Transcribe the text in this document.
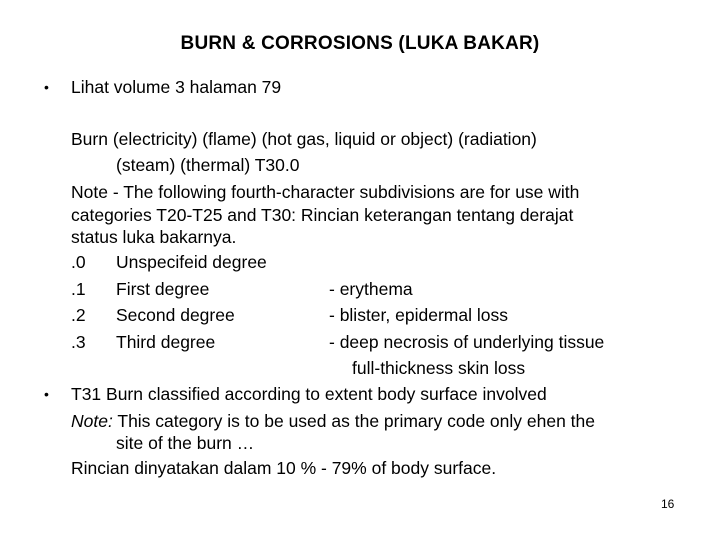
BURN & CORROSIONS (LUKA BAKAR)
• Lihat volume 3 halaman 79
Burn (electricity) (flame) (hot gas, liquid or object) (radiation)
(steam) (thermal) T30.0
Note - The following fourth-character subdivisions are for use with
categories T20-T25 and T30: Rincian keterangan tentang derajat
status luka bakarnya.
.0 Unspecifeid degree
.1 First degree	- erythema
.2 Second degree	- blister, epidermal loss
.3 Third degree	- deep necrosis of underlying tissue
full-thickness skin loss
• T31 Burn classified according to extent body surface involved
Note: This category is to be used as the primary code only ehen the
site of the burn …
Rincian dinyatakan dalam 10 % - 79% of body surface.
16
